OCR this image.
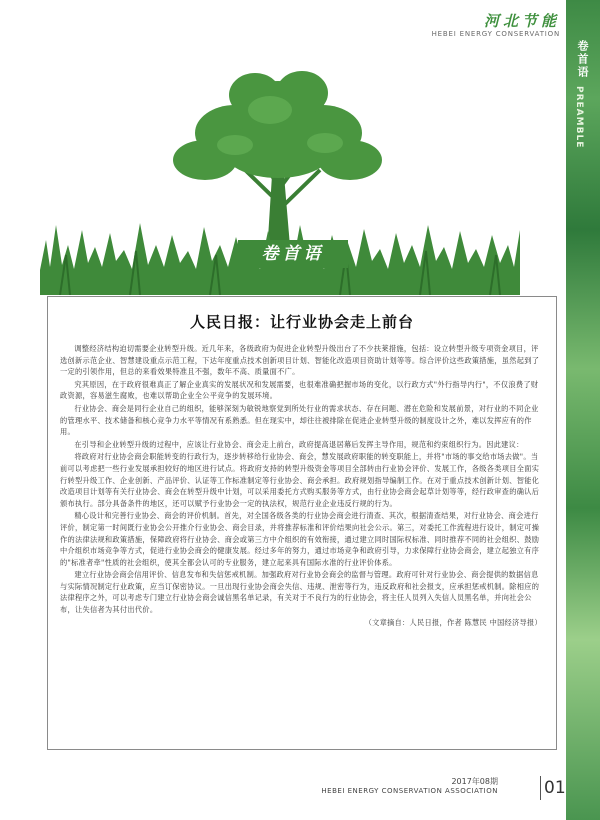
卷首语
PREAMBLE
河北节能
HEBEI ENERGY CONSERVATION
卷首语
人民日报：让行业协会走上前台

调整经济结构迫切需要企业转型升级。近几年来，各级政府为促进企业转型升级出台了不少扶莱措施，包括：设立转型升级专项资金项目，评选创新示范企业、智慧建设重点示范工程，下达年度重点技术创新项目计划、智能化改造项目资助计划等等。综合评价这些政策措施，虽然起到了一定的引领作用，但总的来看效果特准且不强，数年不高、质量面不广。

究其原因，在于政府很难真正了解企业真实的发展状况和发展需要，也很难准确把握市场的变化，以行政方式"外行指导内行"，不仅浪费了财政资源，容易滋生腐败，也难以帮助企业全公平竞争的发展环境。

行业协会、商会是同行企业自己的组织，能够深刻为敏锐地察觉到所处行业的需求状态、存在问题、潜在危险和发展前景，对行业的不同企业的管理水平、技术储备和核心竞争力水平等情况有系熟悉。但在现实中，却往往被排除在促进企业转型升级的制度设计之外，难以发挥应有的作用。

在引导和企业转型升级的过程中，应该让行业协会、商会走上前台，政府提高退居幕后发挥主导作用，规范和约束组织行为。因此建议：

将政府对行业协会商会职能转变的行政行为，逐步转移给行业协会、商会，慧发展政府职能的转变职能上，并将"市场的事交给市场去做"。当前可以考虑把一些行业发展承担较好的地区进行试点。将政府支持的转型升级资金等项目全部转由行业协会评价、发展工作，各级各类项目全面实行转型升级工作、企业创新、产品评价、认证等工作标准制定等行业协会、商会承担。政府规划指导编制工作。在对于重点技术创新计划、智能化改造项目计划等有关行业协会、商会在转型升级中计划，可以采用委托方式购买服务等方式，由行业协会商会起草计划等等，经行政审查的确认后颁布执行。部分具备条件的地区，还可以赋予行业协会一定的执法权，规范行业企业违反行规的行为。

精心设计和完善行业协会、商会的评价机制。首先，对全国各级各类的行业协会商会进行清查、其次，根据清查结果，对行业协会、商会进行评价，制定第一时间既行业协会公开推介行业协会、商会目录，并将推荐标准和评价结果向社会公示。第三，对委托工作流程进行设计，制定可操作的法律法规和政策措施，保障政府将行业协会、商会或第三方中介组织的有效衔接，通过建立同时国际权标准、同时推荐不同的社会组织、鼓励中介组织市场竞争等方式，促进行业协会商会的健康发展。经过多年的努力，通过市场竞争和政府引导，力求保障行业协会商会，建立起独立有序的"标准者牵"性质的社会组织，使其全都会认可的专业服务，建立起来具有国际水准的行业评价体系。

建立行业协会商会信用评价、信息发布和失信惩戒机制。加强政府对行业协会商会的监督与管理。政府可针对行业协会、商会提供的数据信息与实际情况制定行业政策，应当订保密协议。一旦出现行业协会商会失信、违规、泄密等行为，违反政府和社会报支，应承担惩戒机制。除相应的法律程序之外，可以考虑专门建立行业协会商会诚信黑名单记录，有关对于不良行为的行业协会，将主任人员列入失信人员黑名单，并向社会公布，让失信者为其付出代价。

（文章摘自：人民日报，作者 陈慧民 中国经济导报）
2017年08期
HEBEI ENERGY CONSERVATION ASSOCIATION	01
